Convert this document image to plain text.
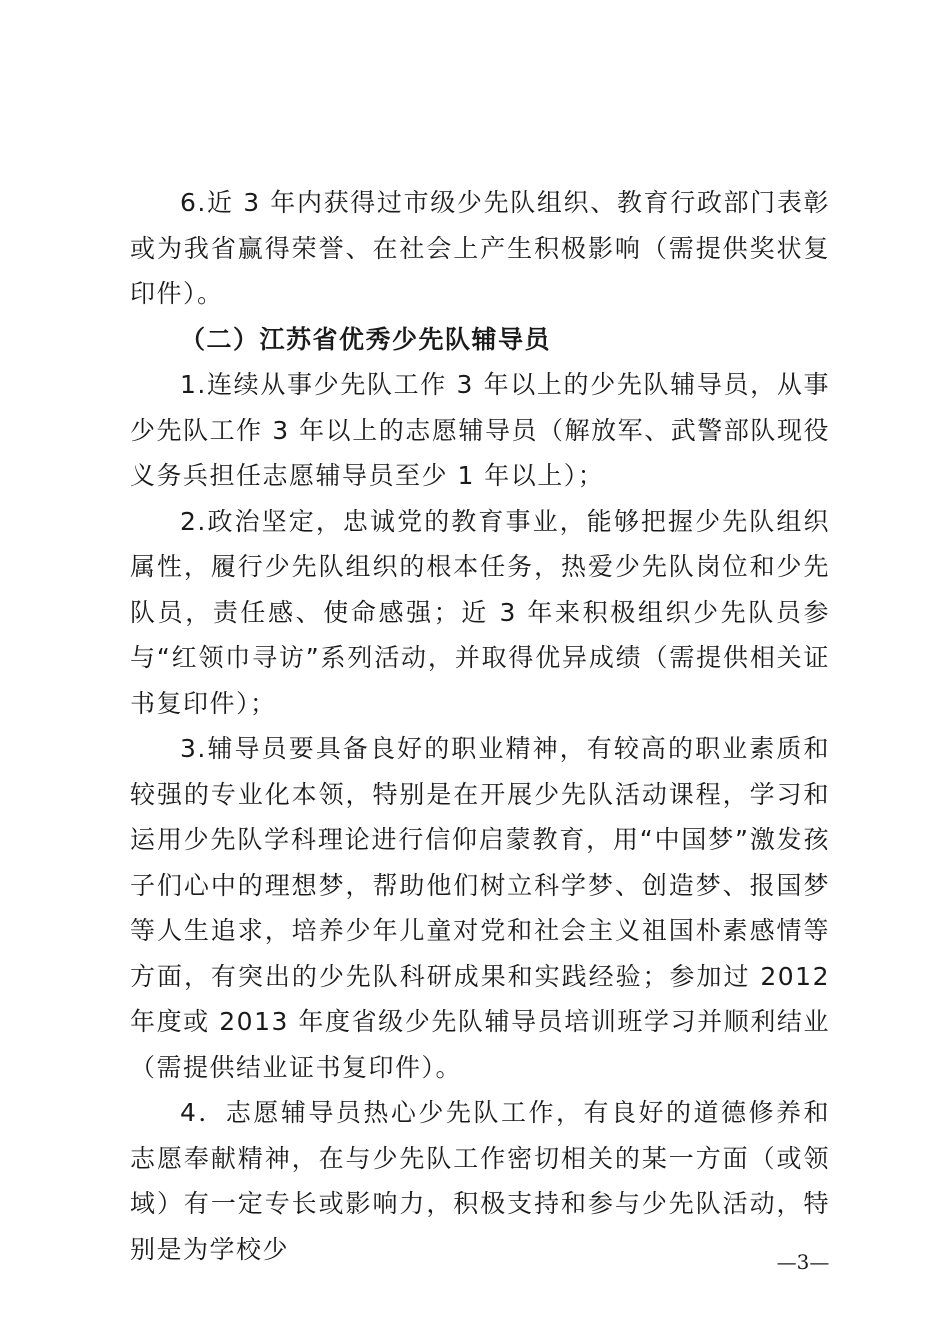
6.近 3 年内获得过市级少先队组织、教育行政部门表彰或为我省赢得荣誉、在社会上产生积极影响（需提供奖状复印件）。

（二）江苏省优秀少先队辅导员

1.连续从事少先队工作 3 年以上的少先队辅导员，从事少先队工作 3 年以上的志愿辅导员（解放军、武警部队现役义务兵担任志愿辅导员至少 1 年以上）；

2.政治坚定，忠诚党的教育事业，能够把握少先队组织属性，履行少先队组织的根本任务，热爱少先队岗位和少先队员，责任感、使命感强；近 3 年来积极组织少先队员参与“红领巾寻访”系列活动，并取得优异成绩（需提供相关证书复印件）；

3.辅导员要具备良好的职业精神，有较高的职业素质和较强的专业化本领，特别是在开展少先队活动课程，学习和运用少先队学科理论进行信仰启蒙教育，用“中国梦”激发孩子们心中的理想梦，帮助他们树立科学梦、创造梦、报国梦等人生追求，培养少年儿童对党和社会主义祖国朴素感情等方面，有突出的少先队科研成果和实践经验；参加过 2012 年度或 2013 年度省级少先队辅导员培训班学习并顺利结业（需提供结业证书复印件）。

4．志愿辅导员热心少先队工作，有良好的道德修养和志愿奉献精神，在与少先队工作密切相关的某一方面（或领域）有一定专长或影响力，积极支持和参与少先队活动，特别是为学校少	—3—
